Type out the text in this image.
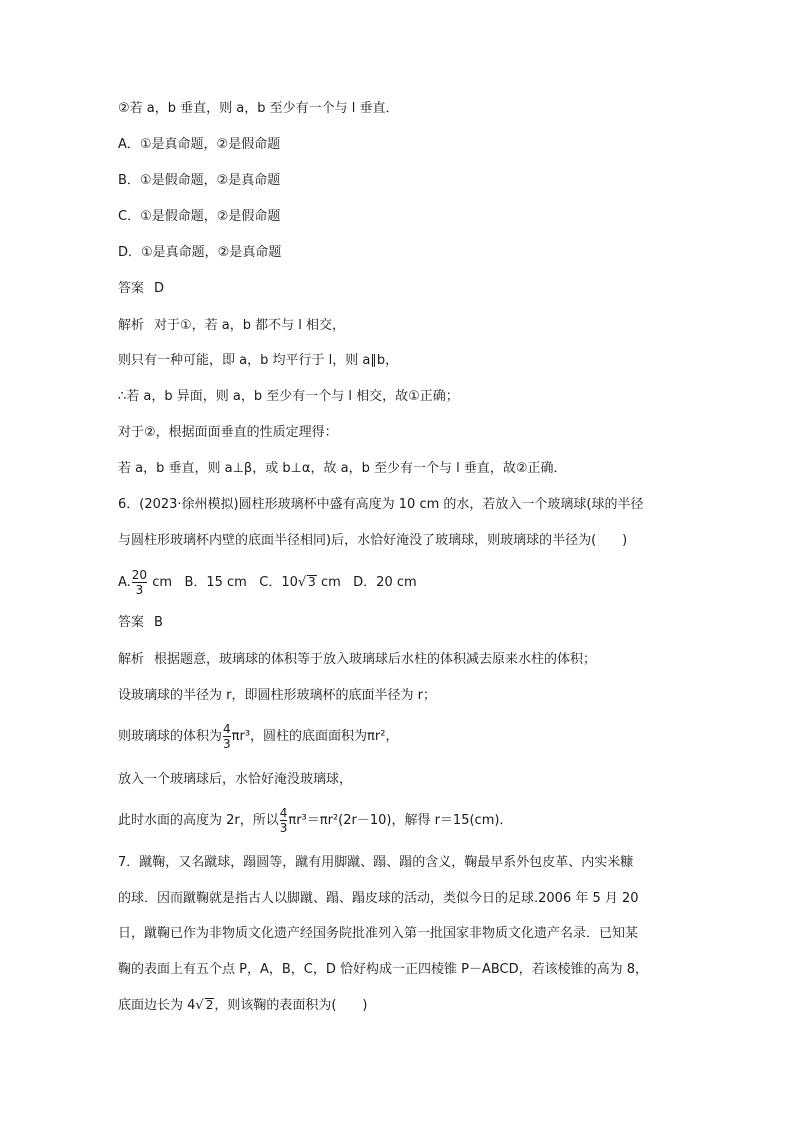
②若 a，b 垂直，则 a，b 至少有一个与 l 垂直．
A．①是真命题，②是假命题
B．①是假命题，②是真命题
C．①是假命题，②是假命题
D．①是真命题，②是真命题
答案 D
解析 对于①，若 a，b 都不与 l 相交，
则只有一种可能，即 a，b 均平行于 l，则 a∥b，
∴若 a，b 异面，则 a，b 至少有一个与 l 相交，故①正确；
对于②，根据面面垂直的性质定理得：
若 a，b 垂直，则 a⊥β，或 b⊥α，故 a，b 至少有一个与 l 垂直，故②正确．
6．(2023·徐州模拟)圆柱形玻璃杯中盛有高度为 10 cm 的水，若放入一个玻璃球(球的半径
与圆柱形玻璃杯内壁的底面半径相同)后，水恰好淹没了玻璃球，则玻璃球的半径为(　　)
A. $\frac{20}{3}$ cm B．15 cm C．10√ 3 cm D．20 cm
答案 B
解析 根据题意，玻璃球的体积等于放入玻璃球后水柱的体积减去原来水柱的体积；
设玻璃球的半径为 r，即圆柱形玻璃杯的底面半径为 r；
则玻璃球的体积为 $\frac{4}{3} \pi r^3$，圆柱的底面面积为πr²，
放入一个玻璃球后，水恰好淹没玻璃球，
此时水面的高度为 2r，所以 $\frac{4}{3} \pi r^3=\pi r^2(2r-10)$，解得 r＝15(cm)．
7．蹴鞠，又名蹴球，蹋圆等，蹴有用脚蹴、蹋、蹋的含义，鞠最早系外包皮革、内实米糠
的球．因而蹴鞠就是指古人以脚蹴、蹋、蹋皮球的活动，类似今日的足球.2006 年 5 月 20
日，蹴鞠已作为非物质文化遗产经国务院批准列入第一批国家非物质文化遗产名录．已知某
鞠的表面上有五个点 P，A，B，C，D 恰好构成一正四棱锥 P－ABCD，若该棱锥的高为 8，
底面边长为 4√ 2，则该鞠的表面积为(　　)
